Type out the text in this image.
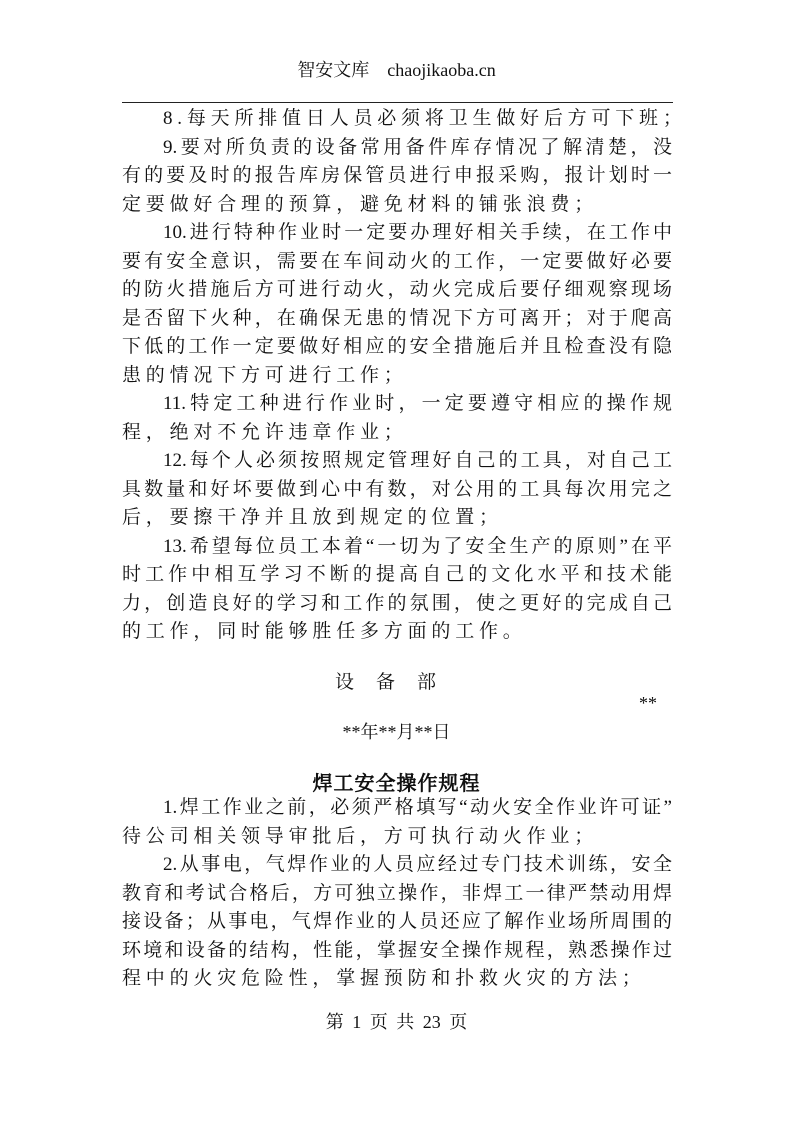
智安文库 chaojikaoba.cn
8.每天所排值日人员必须将卫生做好后方可下班；
9.要对所负责的设备常用备件库存情况了解清楚，没
有的要及时的报告库房保管员进行申报采购，报计划时一
定要做好合理的预算，避免材料的铺张浪费；
10.进行特种作业时一定要办理好相关手续，在工作中
要有安全意识，需要在车间动火的工作，一定要做好必要
的防火措施后方可进行动火，动火完成后要仔细观察现场
是否留下火种，在确保无患的情况下方可离开；对于爬高
下低的工作一定要做好相应的安全措施后并且检查没有隐
患的情况下方可进行工作；
11.特定工种进行作业时，一定要遵守相应的操作规
程，绝对不允许违章作业；
12.每个人必须按照规定管理好自己的工具，对自己工
具数量和好坏要做到心中有数，对公用的工具每次用完之
后，要擦干净并且放到规定的位置；
13.希望每位员工本着“一切为了安全生产的原则”在平
时工作中相互学习不断的提高自己的文化水平和技术能
力，创造良好的学习和工作的氛围，使之更好的完成自己
的工作，同时能够胜任多方面的工作。
设备部
**
**年**月**日
焊工安全操作规程
1.焊工作业之前，必须严格填写“动火安全作业许可证”
待公司相关领导审批后，方可执行动火作业；
2.从事电，气焊作业的人员应经过专门技术训练，安全
教育和考试合格后，方可独立操作，非焊工一律严禁动用焊
接设备；从事电，气焊作业的人员还应了解作业场所周围的
环境和设备的结构，性能，掌握安全操作规程，熟悉操作过
程中的火灾危险性，掌握预防和扑救火灾的方法；
第 1 页 共 23 页
